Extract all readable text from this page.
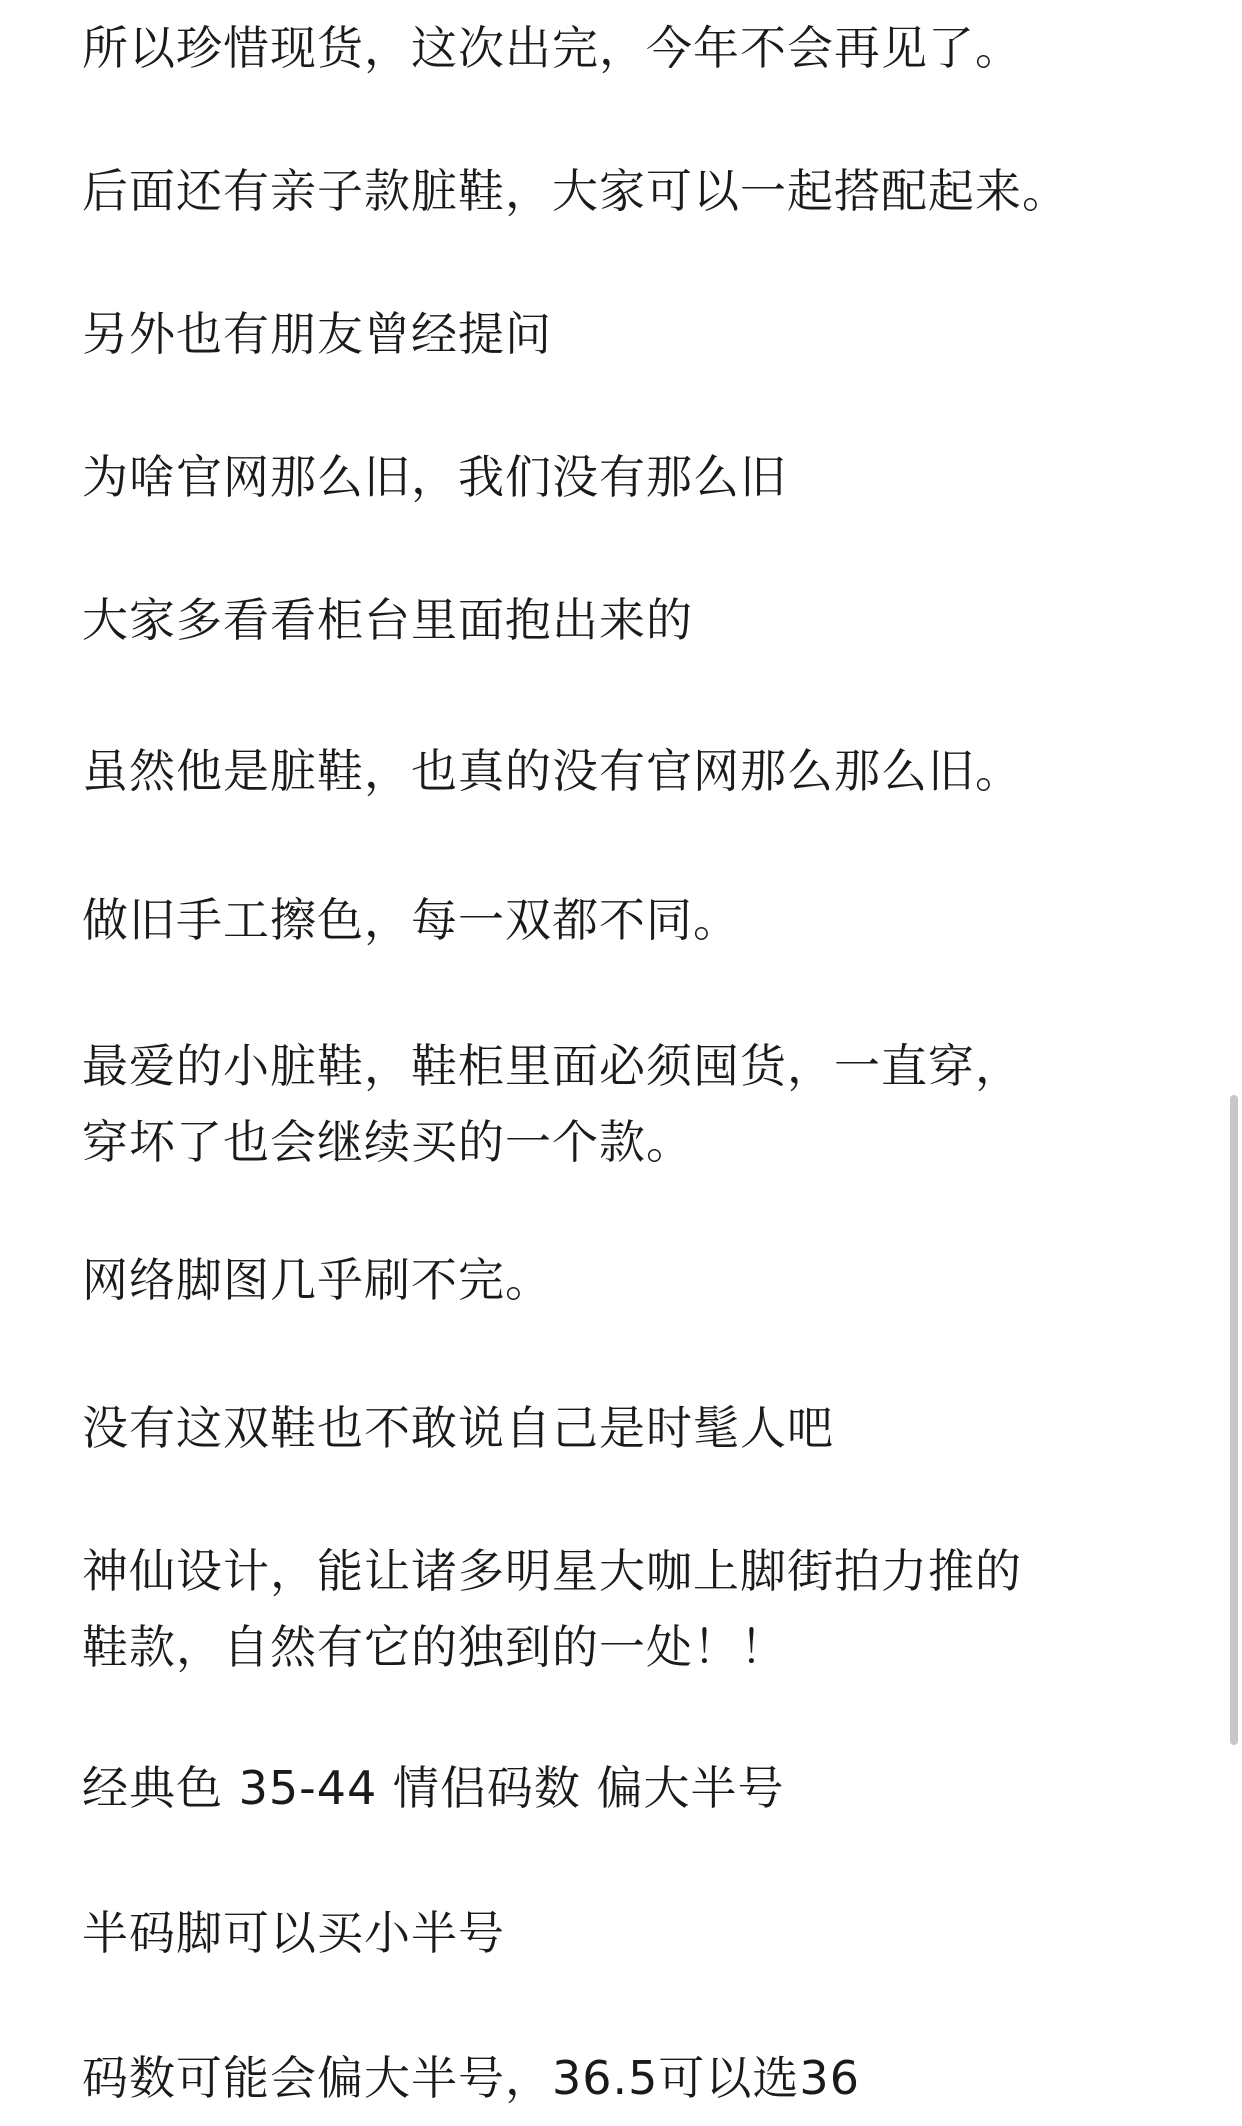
所以珍惜现货，这次出完，今年不会再见了。
后面还有亲子款脏鞋，大家可以一起搭配起来。
另外也有朋友曾经提问
为啥官网那么旧，我们没有那么旧
大家多看看柜台里面抱出来的
虽然他是脏鞋，也真的没有官网那么那么旧。
做旧手工擦色，每一双都不同。
最爱的小脏鞋，鞋柜里面必须囤货，一直穿，
穿坏了也会继续买的一个款。
网络脚图几乎刷不完。
没有这双鞋也不敢说自己是时髦人吧
神仙设计，能让诸多明星大咖上脚街拍力推的
鞋款，自然有它的独到的一处！！
经典色 35-44 情侣码数 偏大半号
半码脚可以买小半号
码数可能会偏大半号，36.5可以选36
